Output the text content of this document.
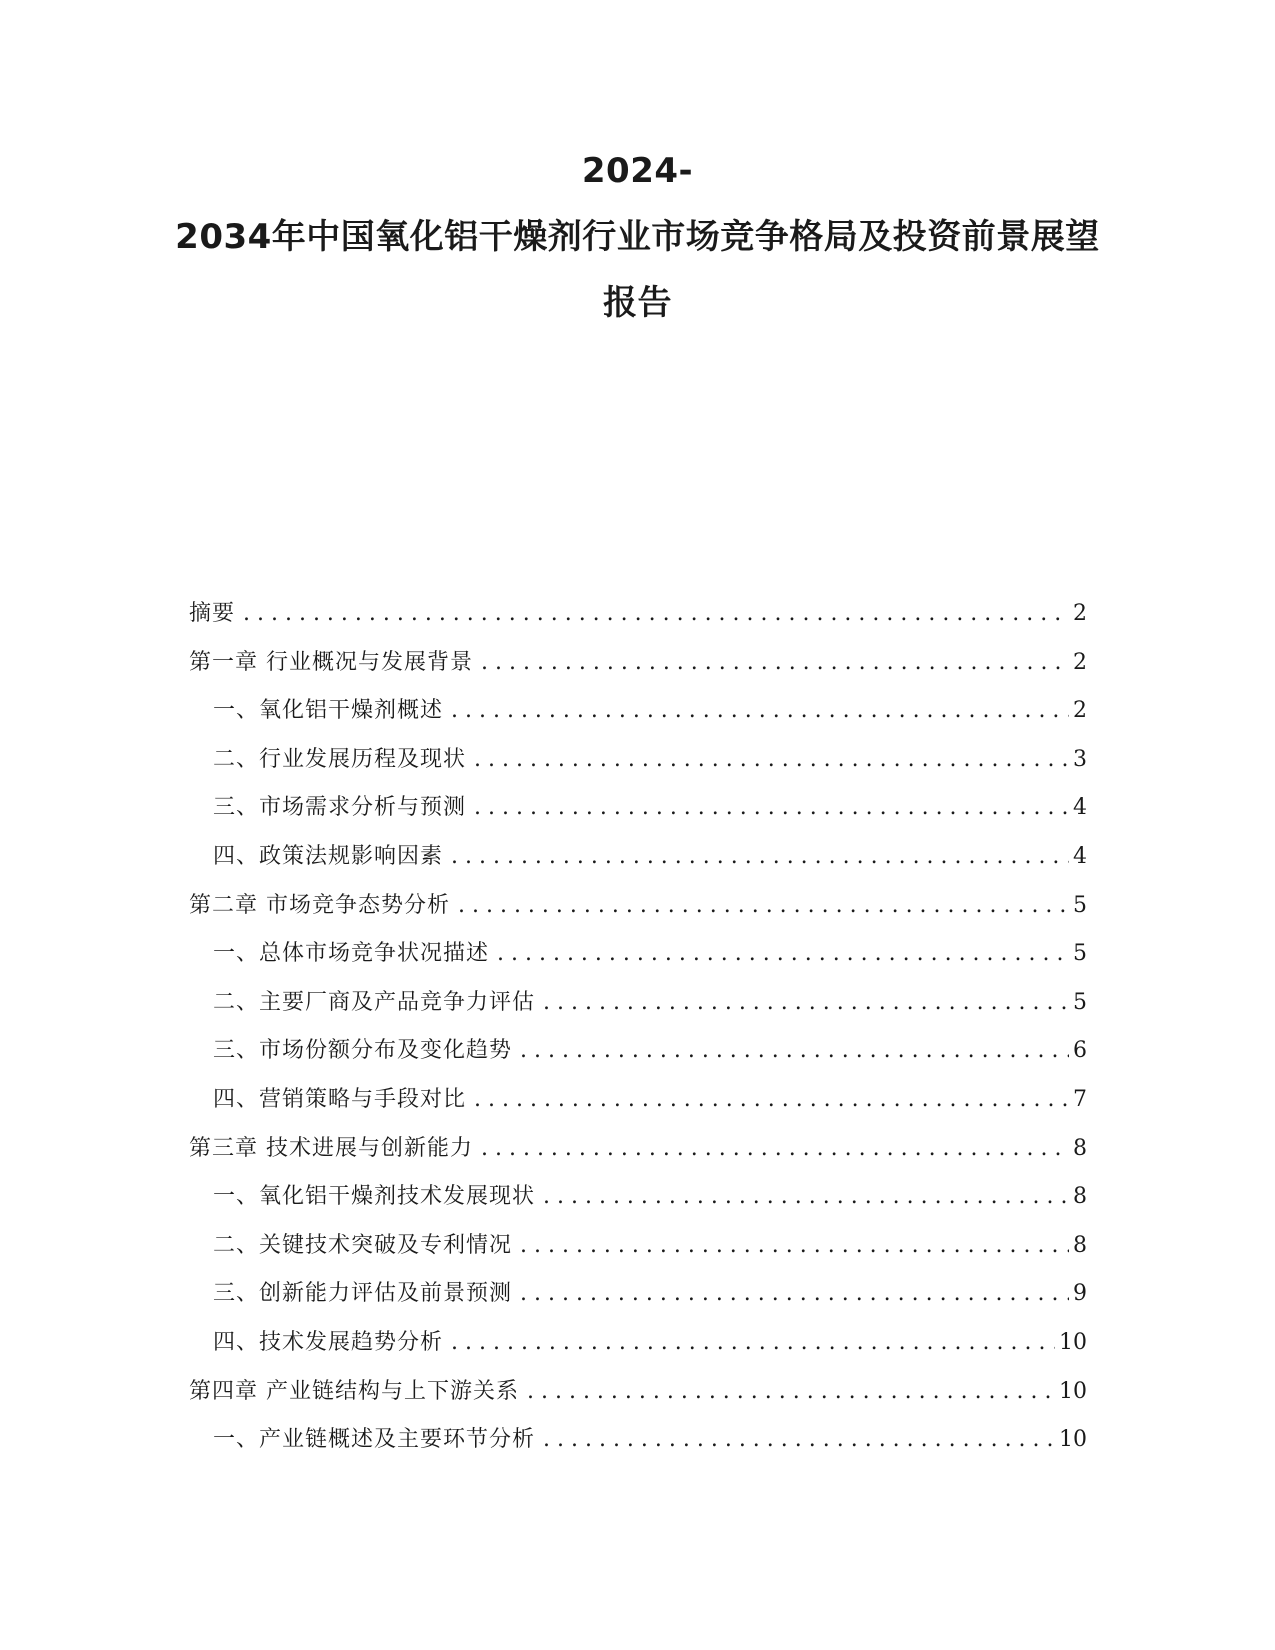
2024-
2034年中国氧化铝干燥剂行业市场竞争格局及投资前景展望
报告
摘要 . . .	2
第一章 行业概况与发展背景 . . .	2
一、氧化铝干燥剂概述 . . .	2
二、行业发展历程及现状 . . .	3
三、市场需求分析与预测 . . .	4
四、政策法规影响因素 . . .	4
第二章 市场竞争态势分析 . . .	5
一、总体市场竞争状况描述 . . .	5
二、主要厂商及产品竞争力评估 . . .	5
三、市场份额分布及变化趋势 . . .	6
四、营销策略与手段对比 . . .	7
第三章 技术进展与创新能力 . . .	8
一、氧化铝干燥剂技术发展现状 . . .	8
二、关键技术突破及专利情况 . . .	8
三、创新能力评估及前景预测 . . .	9
四、技术发展趋势分析 . . .	10
第四章 产业链结构与上下游关系 . . .	10
一、产业链概述及主要环节分析 . . .	10
